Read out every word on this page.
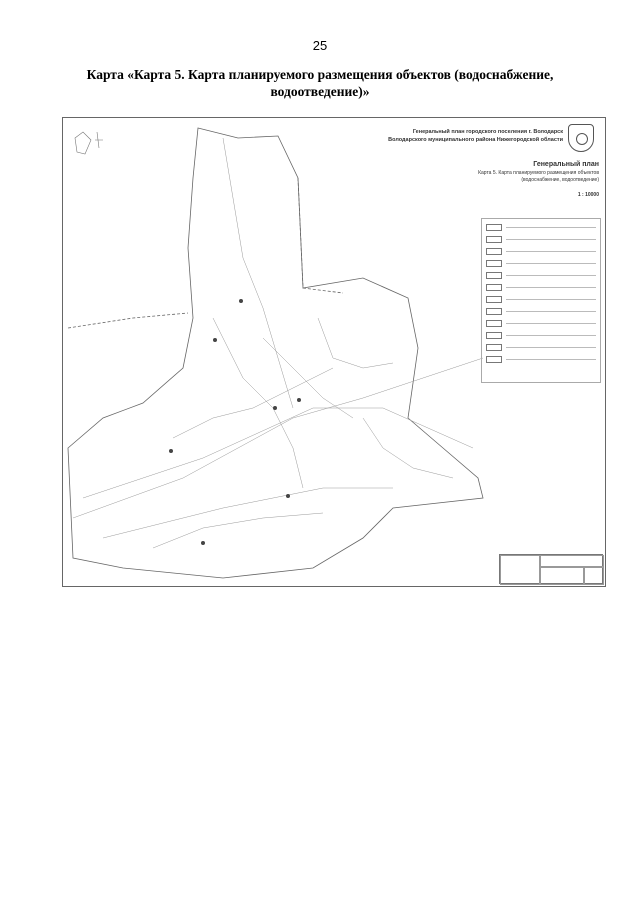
25
Карта «Карта 5. Карта планируемого размещения объектов (водоснабжение, водоотведение)»
Генеральный план городского поселения г. Володарск
Володарского муниципального района Нижегородской области
Генеральный план
Карта 5. Карта планируемого размещения объектов
(водоснабжение, водоотведение)
1 : 10000
